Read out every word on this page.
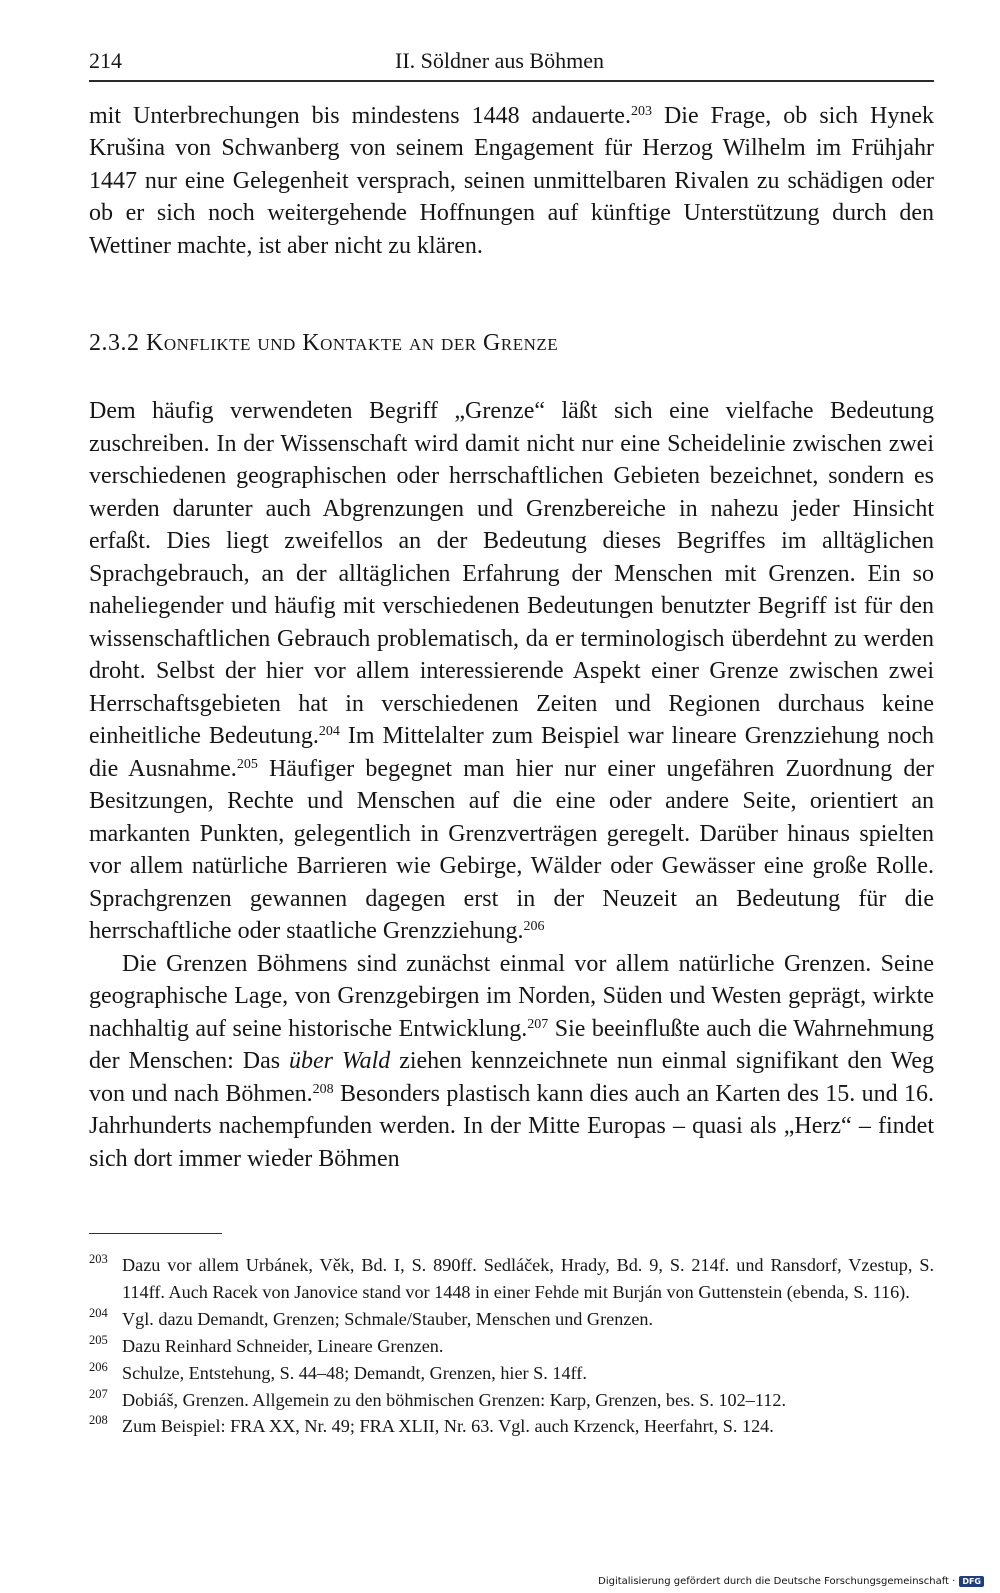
214	II. Söldner aus Böhmen
mit Unterbrechungen bis mindestens 1448 andauerte.$^{203}$ Die Frage, ob sich Hynek Krušina von Schwanberg von seinem Engagement für Herzog Wilhelm im Frühjahr 1447 nur eine Gelegenheit versprach, seinen unmittelbaren Rivalen zu schädigen oder ob er sich noch weitergehende Hoffnungen auf künftige Unterstützung durch den Wettiner machte, ist aber nicht zu klären.
2.3.2 Konflikte und Kontakte an der Grenze

Dem häufig verwendeten Begriff „Grenze“ läßt sich eine vielfache Bedeutung zuschreiben. In der Wissenschaft wird damit nicht nur eine Scheidelinie zwischen zwei verschiedenen geographischen oder herrschaftlichen Gebieten bezeichnet, sondern es werden darunter auch Abgrenzungen und Grenzbereiche in nahezu jeder Hinsicht erfaßt. Dies liegt zweifellos an der Bedeutung dieses Begriffes im alltäglichen Sprachgebrauch, an der alltäglichen Erfahrung der Menschen mit Grenzen. Ein so naheliegender und häufig mit verschiedenen Bedeutungen benutzter Begriff ist für den wissenschaftlichen Gebrauch problematisch, da er terminologisch überdehnt zu werden droht. Selbst der hier vor allem interessierende Aspekt einer Grenze zwischen zwei Herrschaftsgebieten hat in verschiedenen Zeiten und Regionen durchaus keine einheitliche Bedeutung.$^{204}$ Im Mittelalter zum Beispiel war lineare Grenzziehung noch die Ausnahme.$^{205}$ Häufiger begegnet man hier nur einer ungefähren Zuordnung der Besitzungen, Rechte und Menschen auf die eine oder andere Seite, orientiert an markanten Punkten, gelegentlich in Grenzverträgen geregelt. Darüber hinaus spielten vor allem natürliche Barrieren wie Gebirge, Wälder oder Gewässer eine große Rolle. Sprachgrenzen gewannen dagegen erst in der Neuzeit an Bedeutung für die herrschaftliche oder staatliche Grenzziehung.$^{206}$

Die Grenzen Böhmens sind zunächst einmal vor allem natürliche Grenzen. Seine geographische Lage, von Grenzgebirgen im Norden, Süden und Westen geprägt, wirkte nachhaltig auf seine historische Entwicklung.$^{207}$ Sie beeinflußte auch die Wahrnehmung der Menschen: Das über Wald ziehen kennzeichnete nun einmal signifikant den Weg von und nach Böhmen.$^{208}$ Besonders plastisch kann dies auch an Karten des 15. und 16. Jahrhunderts nachempfunden werden. In der Mitte Europas – quasi als „Herz“ – findet sich dort immer wieder Böhmen

203 Dazu vor allem Urbánek, Věk, Bd. I, S. 890ff. Sedláček, Hrady, Bd. 9, S. 214f. und Ransdorf, Vzestup, S. 114ff. Auch Racek von Janovice stand vor 1448 in einer Fehde mit Burján von Guttenstein (ebenda, S. 116).
204 Vgl. dazu Demandt, Grenzen; Schmale/Stauber, Menschen und Grenzen.
205 Dazu Reinhard Schneider, Lineare Grenzen.
206 Schulze, Entstehung, S. 44–48; Demandt, Grenzen, hier S. 14ff.
207 Dobiáš, Grenzen. Allgemein zu den böhmischen Grenzen: Karp, Grenzen, bes. S. 102–112.
208 Zum Beispiel: FRA XX, Nr. 49; FRA XLII, Nr. 63. Vgl. auch Krzenck, Heerfahrt, S. 124.
Digitalisierung gefördert durch die Deutsche Forschungsgemeinschaft · DFG
